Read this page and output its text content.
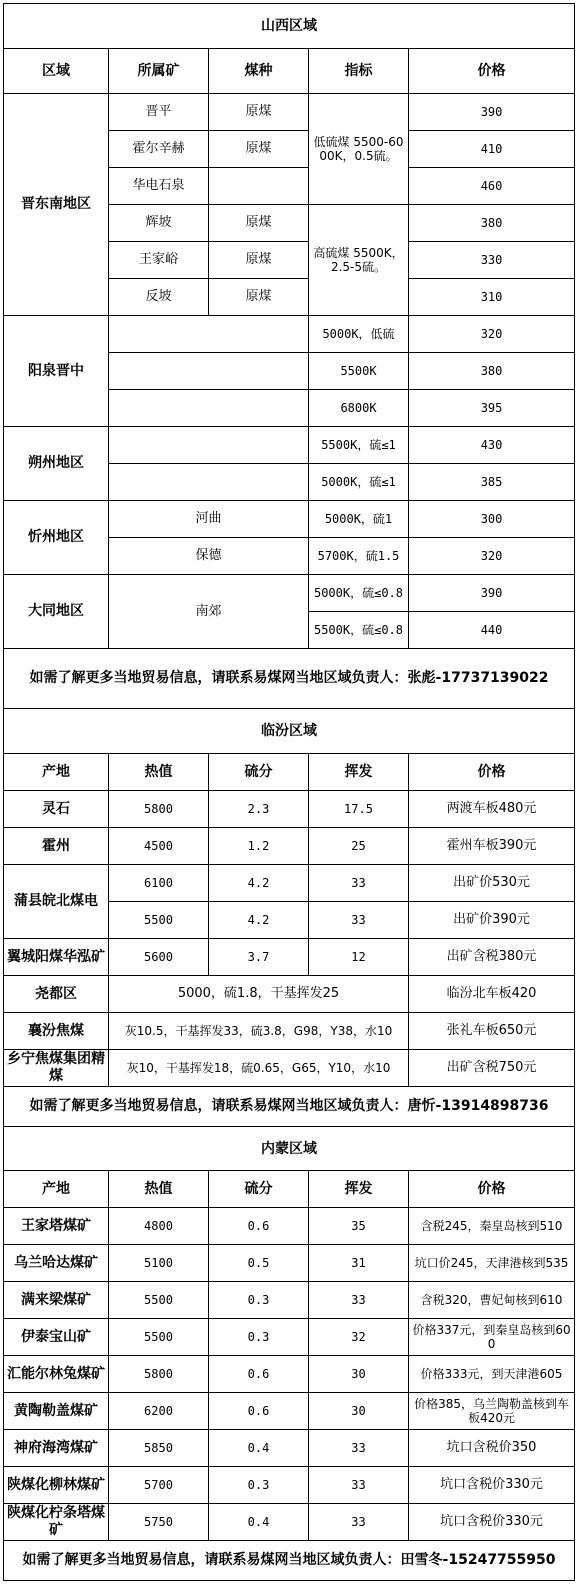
山西区域				
区域	所属矿	煤种	指标	价格
晋东南地区	晋平	原煤	低硫煤 5500-6000K，0.5硫。	390
	霍尔辛赫	原煤		410
	华电石泉			460
	辉坡	原煤	高硫煤 5500K，2.5-5硫。	380
	王家峪	原煤		330
	反坡	原煤		310
阳泉晋中			5000K，低硫	320
			5500K	380
			6800K	395
朔州地区			5500K，硫≤1	430
			5000K，硫≤1	385
忻州地区	河曲		5000K，硫1	300
	保德		5700K，硫1.5	320
大同地区	南郊		5000K，硫≤0.8	390
			5500K，硫≤0.8	440
如需了解更多当地贸易信息，请联系易煤网当地区域负责人：张彪-17737139022				
临汾区域				
产地	热值	硫分	挥发	价格
灵石	5800	2.3	17.5	两渡车板480元
霍州	4500	1.2	25	霍州车板390元
蒲县皖北煤电	6100	4.2	33	出矿价530元
	5500	4.2	33	出矿价390元
翼城阳煤华泓矿	5600	3.7	12	出矿含税380元
尧都区	5000，硫1.8，干基挥发25			临汾北车板420
襄汾焦煤	灰10.5，干基挥发33，硫3.8，G98，Y38，水10			张礼车板650元
乡宁焦煤集团精煤	灰10，干基挥发18，硫0.65，G65，Y10，水10			出矿含税750元
如需了解更多当地贸易信息，请联系易煤网当地区域负责人：唐忻-13914898736				
内蒙区域				
产地	热值	硫分	挥发	价格
王家塔煤矿	4800	0.6	35	含税245，秦皇岛核到510
乌兰哈达煤矿	5100	0.5	31	坑口价245，天津港核到535
满来梁煤矿	5500	0.3	33	含税320，曹妃甸核到610
伊泰宝山矿	5500	0.3	32	价格337元，到秦皇岛核到600
汇能尔林兔煤矿	5800	0.6	30	价格333元，到天津港605
黄陶勒盖煤矿	6200	0.6	30	价格385，乌兰陶勒盖核到车板420元
神府海湾煤矿	5850	0.4	33	坑口含税价350
陕煤化柳林煤矿	5700	0.3	33	坑口含税价330元
陕煤化柠条塔煤矿	5750	0.4	33	坑口含税价330元
如需了解更多当地贸易信息，请联系易煤网当地区域负责人：田雪冬-15247755950				
